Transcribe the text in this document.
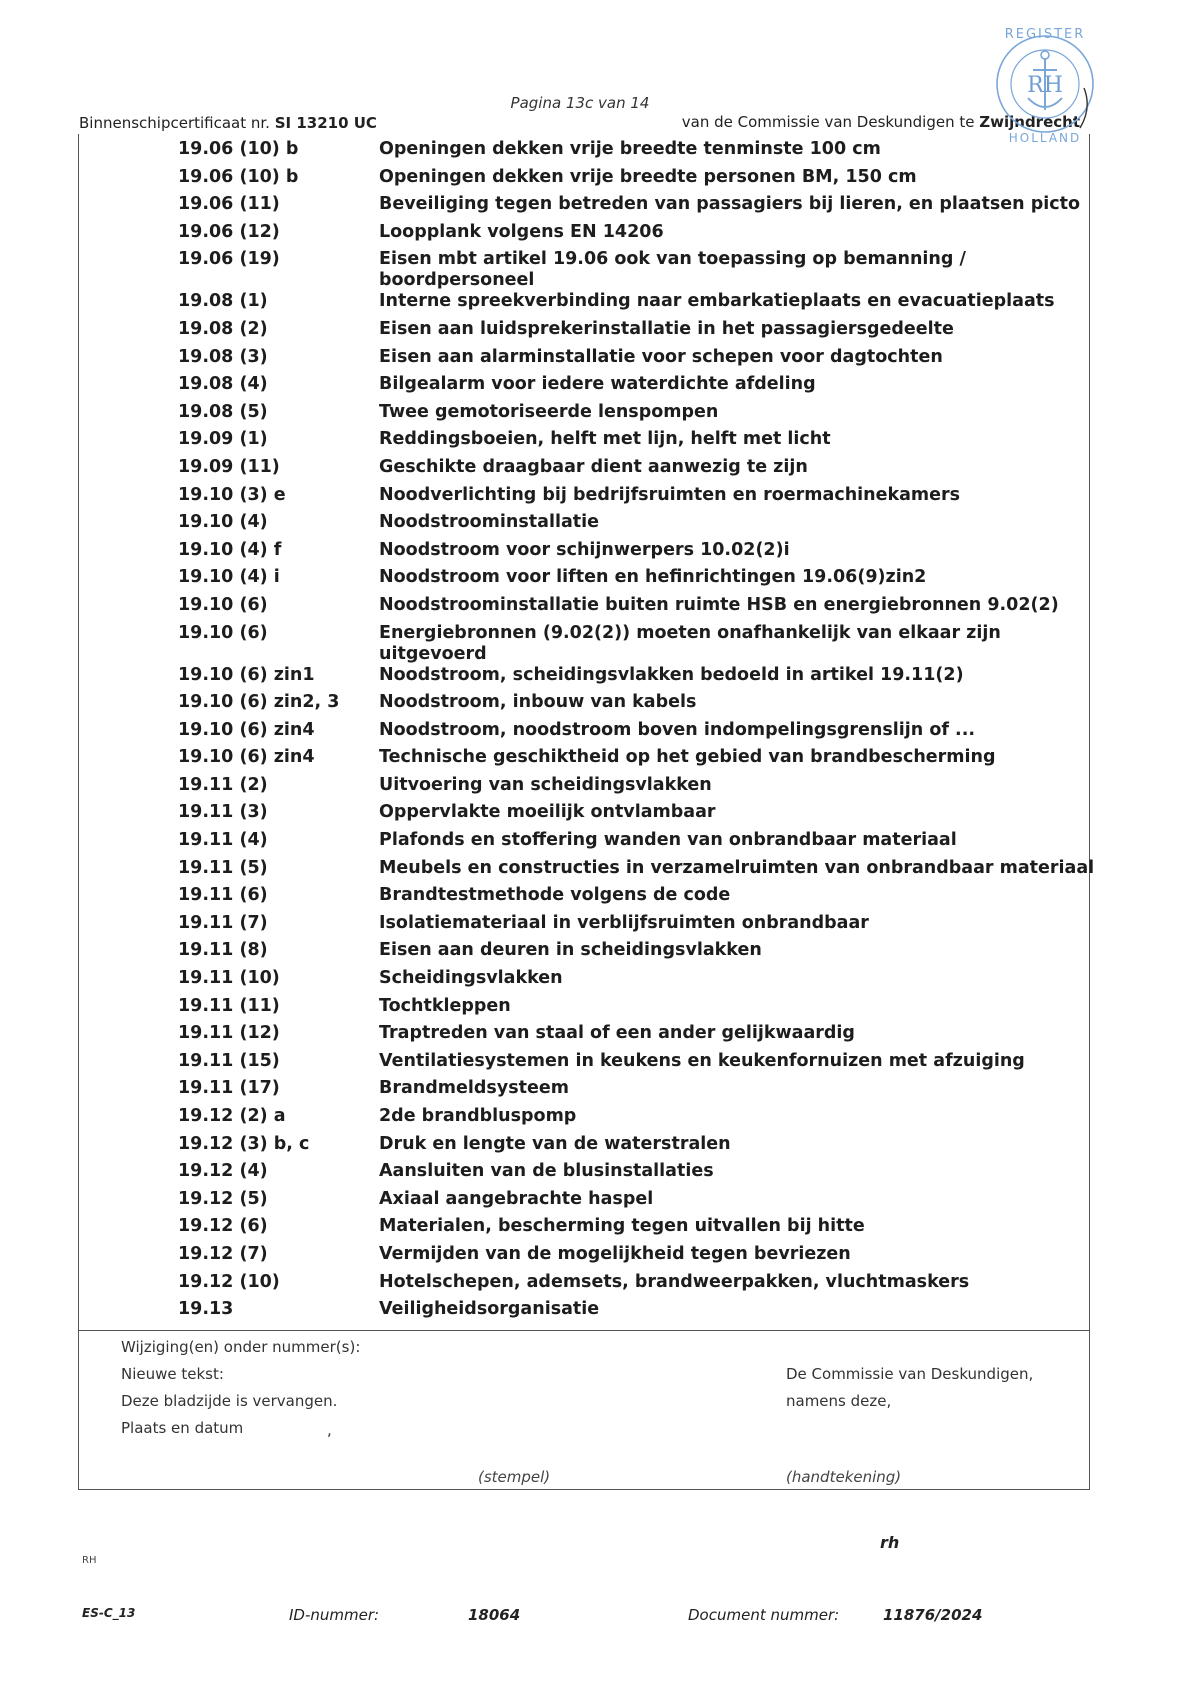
Pagina 13c van 14
Binnenschipcertificaat nr. SI 13210 UC	van de Commissie van Deskundigen te Zwijndrecht
RH
REGISTER
HOLLAND
19.06 (10) b	Openingen dekken vrije breedte tenminste 100 cm
19.06 (10) b	Openingen dekken vrije breedte personen BM, 150 cm
19.06 (11)	Beveiliging tegen betreden van passagiers bij lieren, en plaatsen picto
19.06 (12)	Loopplank volgens EN 14206
19.06 (19)	Eisen mbt artikel 19.06 ook van toepassing op bemanning / boordpersoneel
19.08 (1)	Interne spreekverbinding naar embarkatieplaats en evacuatieplaats
19.08 (2)	Eisen aan luidsprekerinstallatie in het passagiersgedeelte
19.08 (3)	Eisen aan alarminstallatie voor schepen voor dagtochten
19.08 (4)	Bilgealarm voor iedere waterdichte afdeling
19.08 (5)	Twee gemotoriseerde lenspompen
19.09 (1)	Reddingsboeien, helft met lijn, helft met licht
19.09 (11)	Geschikte draagbaar dient aanwezig te zijn
19.10 (3) e	Noodverlichting bij bedrijfsruimten en roermachinekamers
19.10 (4)	Noodstroominstallatie
19.10 (4) f	Noodstroom voor schijnwerpers 10.02(2)i
19.10 (4) i	Noodstroom voor liften en hefinrichtingen 19.06(9)zin2
19.10 (6)	Noodstroominstallatie buiten ruimte HSB en energiebronnen 9.02(2)
19.10 (6)	Energiebronnen (9.02(2)) moeten onafhankelijk van elkaar zijn uitgevoerd
19.10 (6) zin1	Noodstroom, scheidingsvlakken bedoeld in artikel 19.11(2)
19.10 (6) zin2, 3	Noodstroom, inbouw van kabels
19.10 (6) zin4	Noodstroom, noodstroom boven indompelingsgrenslijn of ...
19.10 (6) zin4	Technische geschiktheid op het gebied van brandbescherming
19.11 (2)	Uitvoering van scheidingsvlakken
19.11 (3)	Oppervlakte moeilijk ontvlambaar
19.11 (4)	Plafonds en stoffering wanden van onbrandbaar materiaal
19.11 (5)	Meubels en constructies in verzamelruimten van onbrandbaar materiaal
19.11 (6)	Brandtestmethode volgens de code
19.11 (7)	Isolatiemateriaal in verblijfsruimten onbrandbaar
19.11 (8)	Eisen aan deuren in scheidingsvlakken
19.11 (10)	Scheidingsvlakken
19.11 (11)	Tochtkleppen
19.11 (12)	Traptreden van staal of een ander gelijkwaardig
19.11 (15)	Ventilatiesystemen in keukens en keukenfornuizen met afzuiging
19.11 (17)	Brandmeldsysteem
19.12 (2) a	2de brandbluspomp
19.12 (3) b, c	Druk en lengte van de waterstralen
19.12 (4)	Aansluiten van de blusinstallaties
19.12 (5)	Axiaal aangebrachte haspel
19.12 (6)	Materialen, bescherming tegen uitvallen bij hitte
19.12 (7)	Vermijden van de mogelijkheid tegen bevriezen
19.12 (10)	Hotelschepen, ademsets, brandweerpakken, vluchtmaskers
19.13	Veiligheidsorganisatie
Wijziging(en) onder nummer(s):
Nieuwe tekst:
Deze bladzijde is vervangen.
Plaats en datum	,
De Commissie van Deskundigen,
namens deze,
(stempel)	(handtekening)
rh
RH
ES-C_13	ID-nummer:	18064	Document nummer:	11876/2024
